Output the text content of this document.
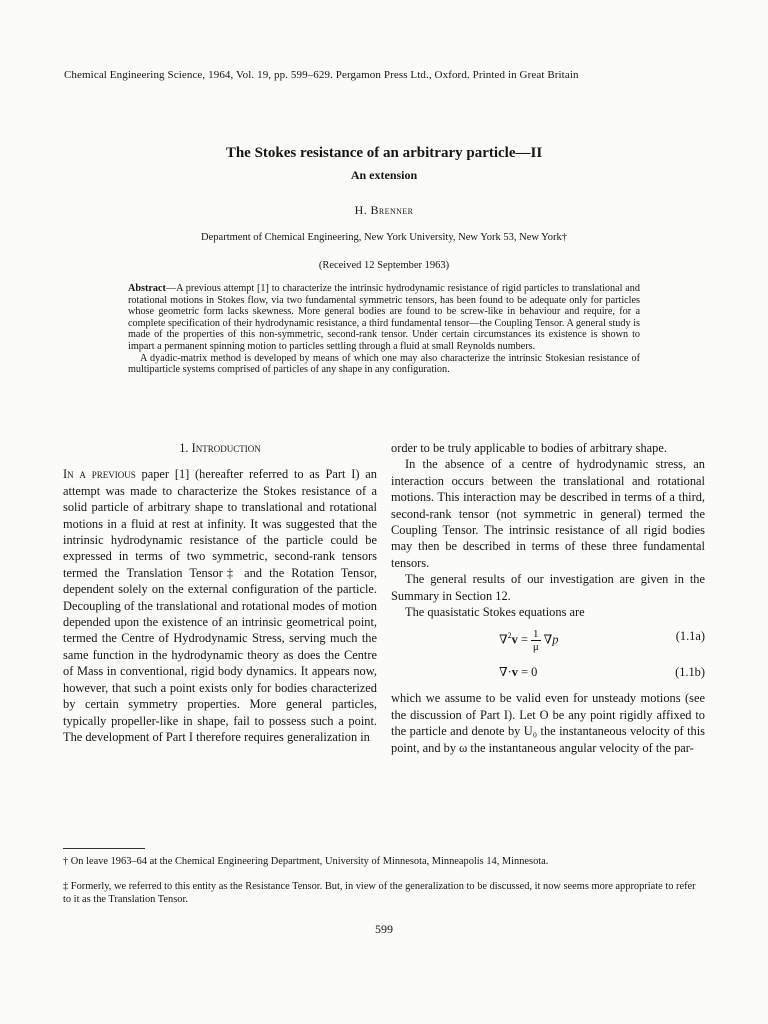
Chemical Engineering Science, 1964, Vol. 19, pp. 599–629. Pergamon Press Ltd., Oxford. Printed in Great Britain
The Stokes resistance of an arbitrary particle—II
An extension
H. Brenner
Department of Chemical Engineering, New York University, New York 53, New York†
(Received 12 September 1963)

Abstract—A previous attempt [1] to characterize the intrinsic hydrodynamic resistance of rigid particles to translational and rotational motions in Stokes flow, via two fundamental symmetric tensors, has been found to be adequate only for particles whose geometric form lacks skewness. More general bodies are found to be screw-like in behaviour and require, for a complete specification of their hydrodynamic resistance, a third fundamental tensor—the Coupling Tensor. A general study is made of the properties of this non-symmetric, second-rank tensor. Under certain circumstances its existence is shown to impart a permanent spinning motion to particles settling through a fluid at small Reynolds numbers.

A dyadic-matrix method is developed by means of which one may also characterize the intrinsic Stokesian resistance of multiparticle systems comprised of particles of any shape in any configuration.

1. Introduction

In a previous paper [1] (hereafter referred to as Part I) an attempt was made to characterize the Stokes resistance of a solid particle of arbitrary shape to translational and rotational motions in a fluid at rest at infinity. It was suggested that the intrinsic hydrodynamic resistance of the particle could be expressed in terms of two symmetric, second-rank tensors termed the Translation Tensor‡ and the Rotation Tensor, dependent solely on the external configuration of the particle. Decoupling of the translational and rotational modes of motion depended upon the existence of an intrinsic geometrical point, termed the Centre of Hydrodynamic Stress, serving much the same function in the hydrodynamic theory as does the Centre of Mass in conventional, rigid body dynamics. It appears now, however, that such a point exists only for bodies characterized by certain symmetry properties. More general particles, typically propeller-like in shape, fail to possess such a point. The development of Part I therefore requires generalization in

order to be truly applicable to bodies of arbitrary shape.

In the absence of a centre of hydrodynamic stress, an interaction occurs between the translational and rotational motions. This interaction may be described in terms of a third, second-rank tensor (not symmetric in general) termed the Coupling Tensor. The intrinsic resistance of all rigid bodies may then be described in terms of these three fundamental tensors.

The general results of our investigation are given in the Summary in Section 12.

The quasistatic Stokes equations are

$\nabla^2v = \frac{1}{\mu} \nabla p$	(1.1a)
∇·v = 0	(1.1b)

which we assume to be valid even for unsteady motions (see the discussion of Part I). Let O be any point rigidly affixed to the particle and denote by U₀ the instantaneous velocity of this point, and by ω the instantaneous angular velocity of the par-

† On leave 1963–64 at the Chemical Engineering Department, University of Minnesota, Minneapolis 14, Minnesota.

‡ Formerly, we referred to this entity as the Resistance Tensor. But, in view of the generalization to be discussed, it now seems more appropriate to refer to it as the Translation Tensor.

599
